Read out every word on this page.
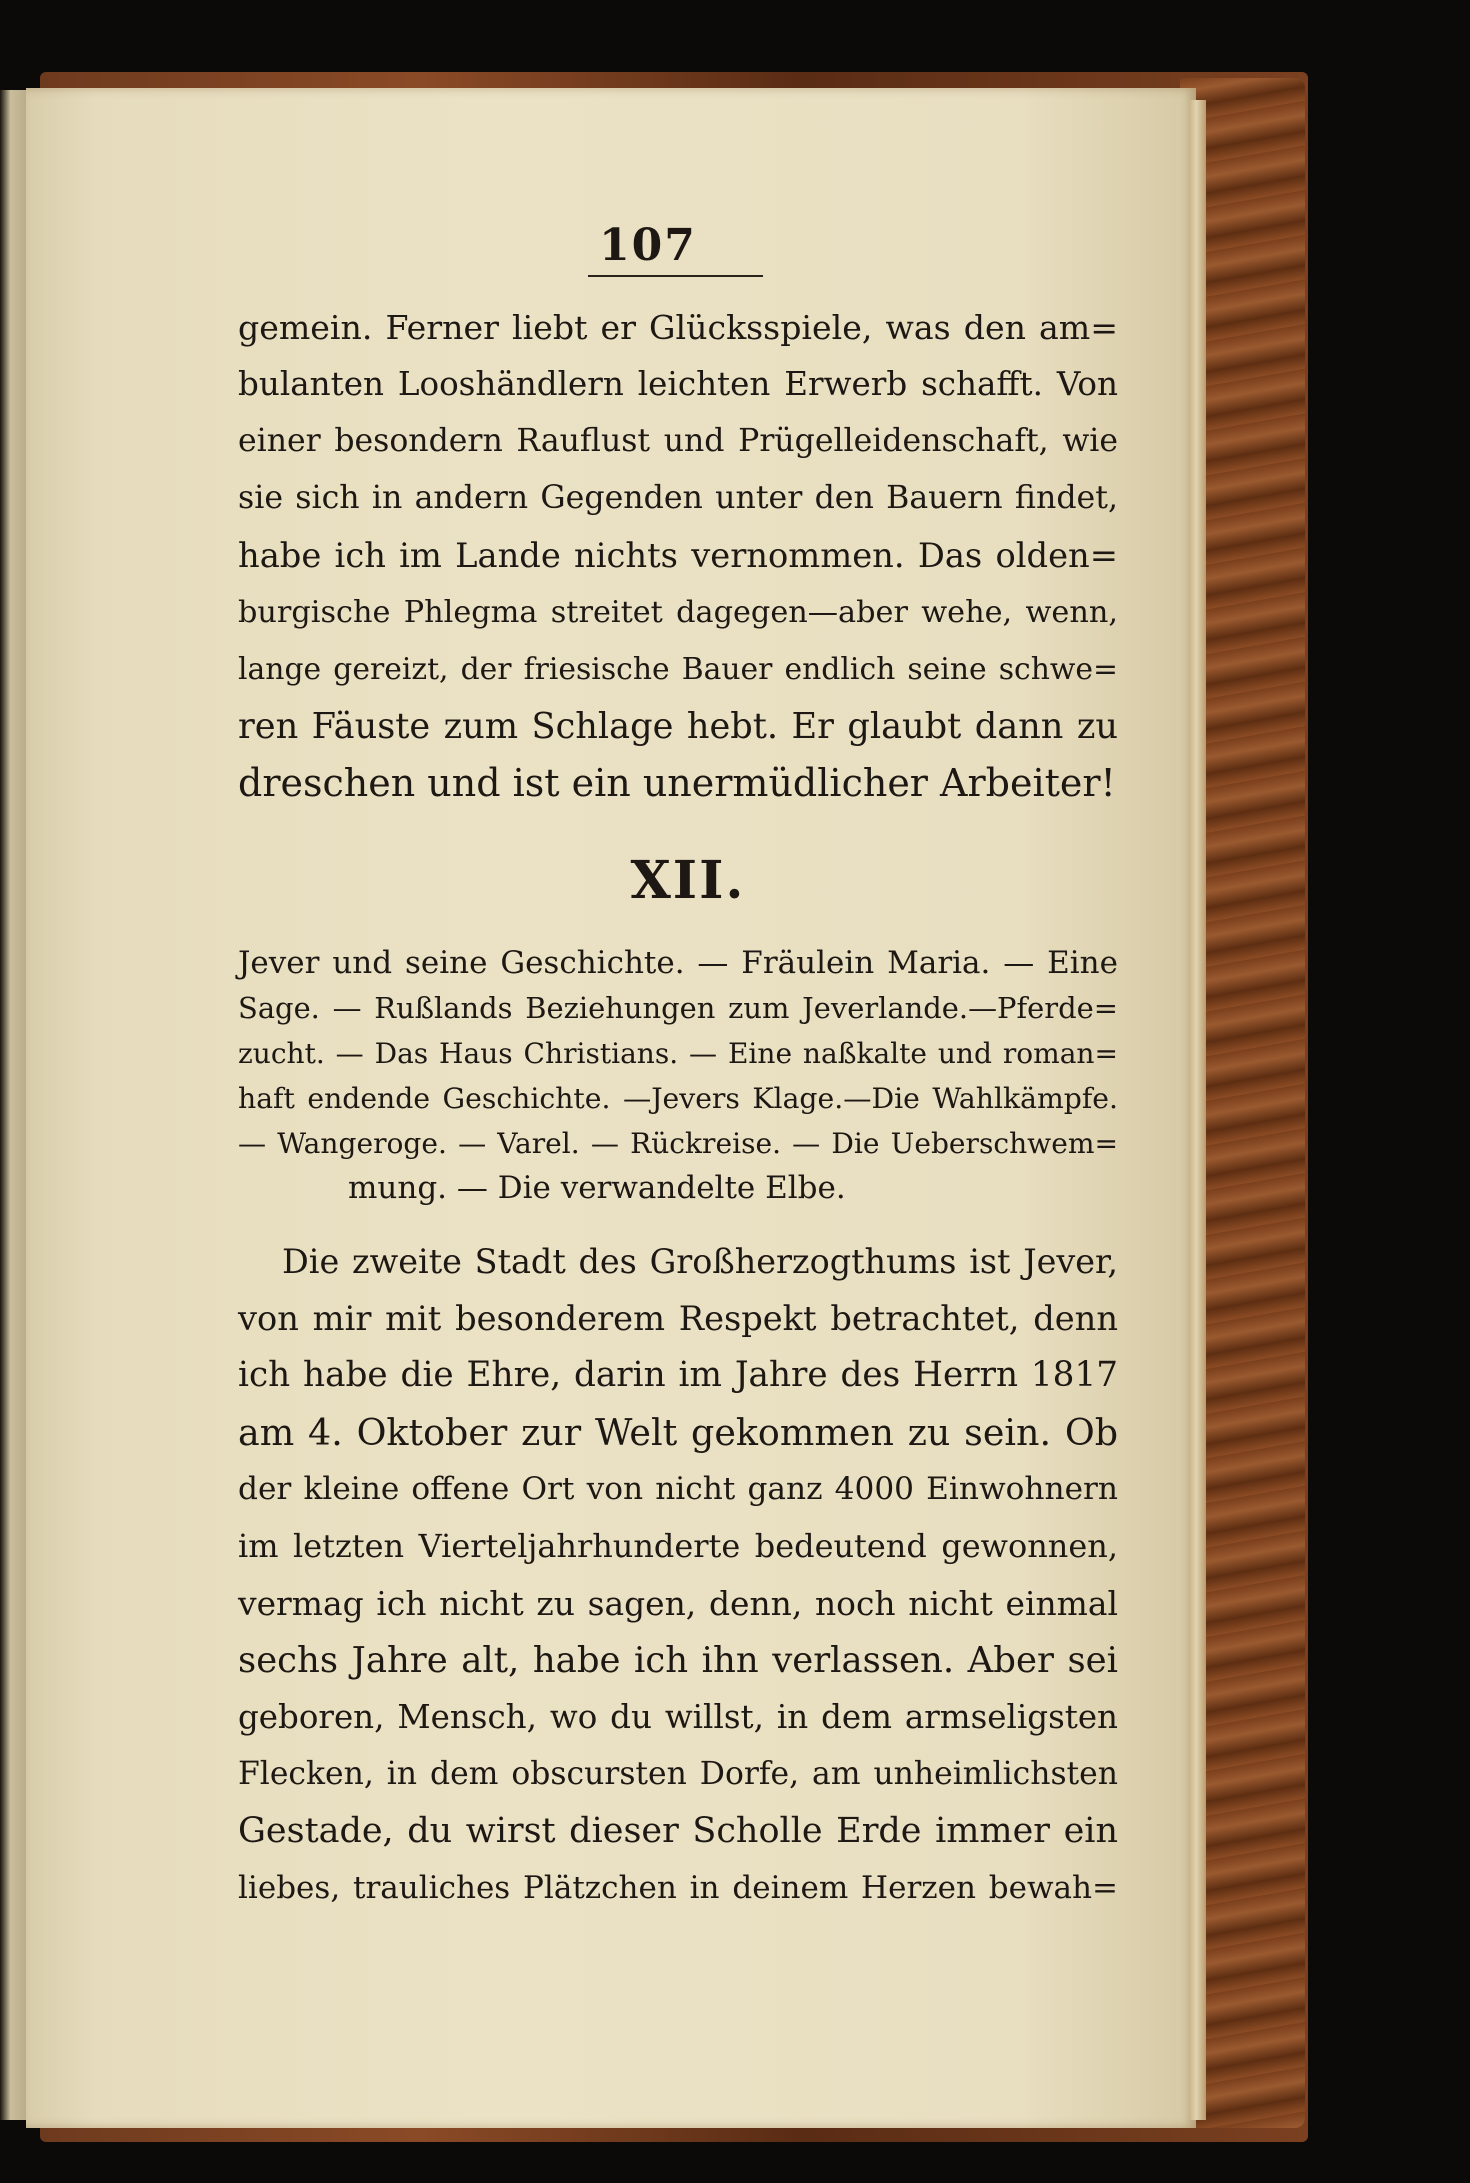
107
gemein. Ferner liebt er Glücksspiele, was den am=
bulanten Looshändlern leichten Erwerb schafft. Von
einer besondern Rauflust und Prügelleidenschaft, wie
sie sich in andern Gegenden unter den Bauern findet,
habe ich im Lande nichts vernommen. Das olden=
burgische Phlegma streitet dagegen—aber wehe, wenn,
lange gereizt, der friesische Bauer endlich seine schwe=
ren Fäuste zum Schlage hebt. Er glaubt dann zu
dreschen und ist ein unermüdlicher Arbeiter!
XII.
Jever und seine Geschichte. — Fräulein Maria. — Eine
Sage. — Rußlands Beziehungen zum Jeverlande.—Pferde=
zucht. — Das Haus Christians. — Eine naßkalte und roman=
haft endende Geschichte. —Jevers Klage.—Die Wahlkämpfe.
— Wangeroge. — Varel. — Rückreise. — Die Ueberschwem=
mung. — Die verwandelte Elbe.
Die zweite Stadt des Großherzogthums ist Jever,
von mir mit besonderem Respekt betrachtet, denn
ich habe die Ehre, darin im Jahre des Herrn 1817
am 4. Oktober zur Welt gekommen zu sein. Ob
der kleine offene Ort von nicht ganz 4000 Einwohnern
im letzten Vierteljahrhunderte bedeutend gewonnen,
vermag ich nicht zu sagen, denn, noch nicht einmal
sechs Jahre alt, habe ich ihn verlassen. Aber sei
geboren, Mensch, wo du willst, in dem armseligsten
Flecken, in dem obscursten Dorfe, am unheimlichsten
Gestade, du wirst dieser Scholle Erde immer ein
liebes, trauliches Plätzchen in deinem Herzen bewah=
